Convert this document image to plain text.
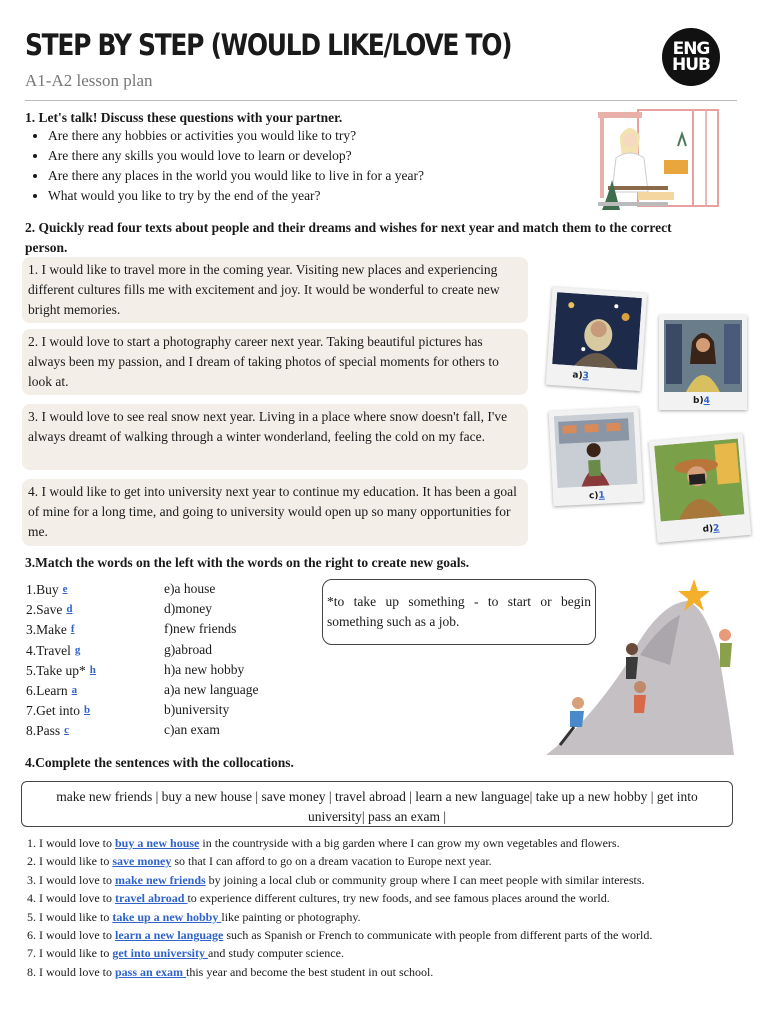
STEP BY STEP (WOULD LIKE/LOVE TO)
A1-A2 lesson plan
ENG
HUB
1. Let's talk! Discuss these questions with your partner.
• Are there any hobbies or activities you would like to try?
• Are there any skills you would love to learn or develop?
• Are there any places in the world you would like to live in for a year?
• What would you like to try by the end of the year?
2. Quickly read four texts about people and their dreams and wishes for next year and match them to the correct
person.
1. I would like to travel more in the coming year. Visiting new places and experiencing different cultures fills me with excitement and joy. It would be wonderful to create new bright memories.
2. I would love to start a photography career next year. Taking beautiful pictures has always been my passion, and I dream of taking photos of special moments for others to look at.
3. I would love to see real snow next year. Living in a place where snow doesn't fall, I've always dreamt of walking through a winter wonderland, feeling the cold on my face.
4. I would like to get into university next year to continue my education. It has been a goal of mine for a long time, and going to university would open up so many opportunities for me.
a)3
b)4
c)1
d)2
3.Match the words on the left with the words on the right to create new goals.
1.Buy e
2.Save d
3.Make f
4.Travel g
5.Take up* h
6.Learn a
7.Get into b
8.Pass c
e)a house
d)money
f)new friends
g)abroad
h)a new hobby
a)a new language
b)university
c)an exam
*to take up something - to start or begin something such as a job.
4.Complete the sentences with the collocations.
make new friends | buy a new house | save money | travel abroad | learn a new language| take up a new hobby | get into university| pass an exam |
1. I would love to buy a new house in the countryside with a big garden where I can grow my own vegetables and flowers.
2. I would like to save money so that I can afford to go on a dream vacation to Europe next year.
3. I would love to make new friends by joining a local club or community group where I can meet people with similar interests.
4. I would love to travel abroad to experience different cultures, try new foods, and see famous places around the world.
5. I would like to take up a new hobby like painting or photography.
6. I would love to learn a new language such as Spanish or French to communicate with people from different parts of the world.
7. I would like to get into university and study computer science.
8. I would love to pass an exam this year and become the best student in out school.
